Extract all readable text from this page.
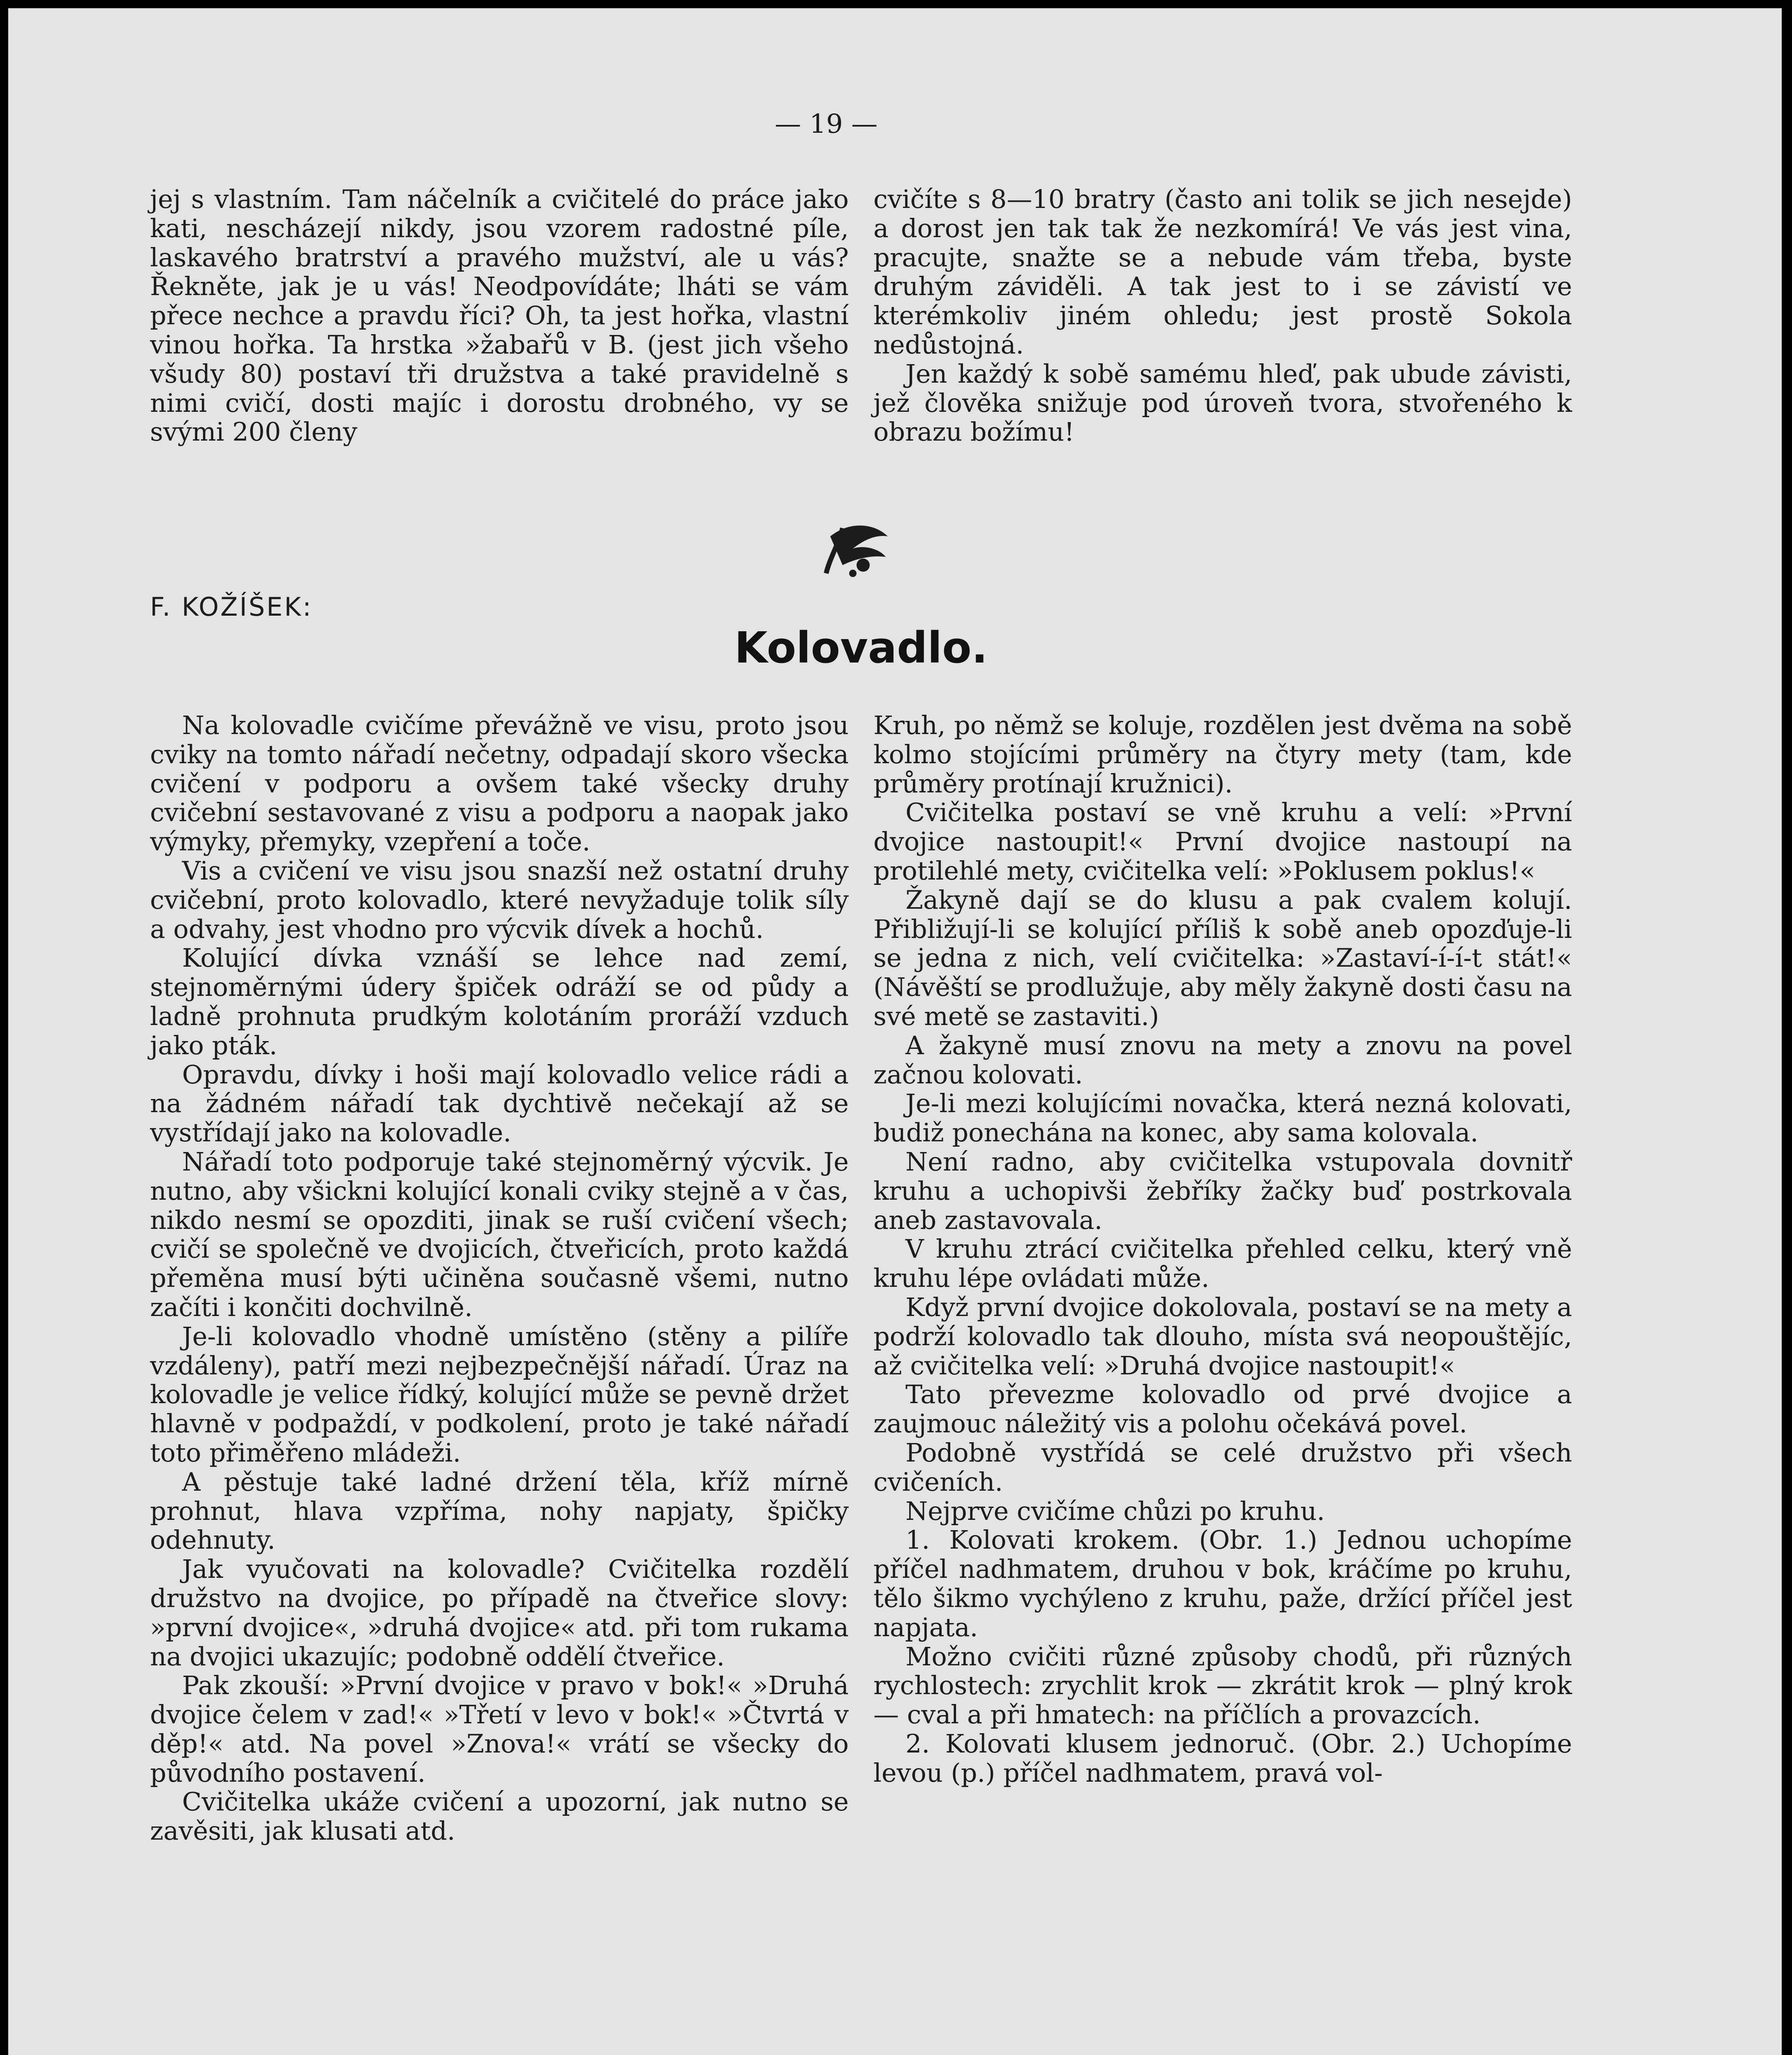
— 19 —

jej s vlastním. Tam náčelník a cvičitelé do práce jako kati, nescházejí nikdy, jsou vzorem radostné píle, laskavého bratrství a pravého mužství, ale u vás? Řekněte, jak je u vás! Neodpovídáte; lháti se vám přece nechce a pravdu říci? Oh, ta jest hořka, vlastní vinou hořka. Ta hrstka »žabařů v B. (jest jich všeho všudy 80) postaví tři družstva a také pravidelně s nimi cvičí, dosti majíc i dorostu drobného, vy se svými 200 členy

cvičíte s 8—10 bratry (často ani tolik se jich nesejde) a dorost jen tak tak že nezkomírá! Ve vás jest vina, pracujte, snažte se a nebude vám třeba, byste druhým záviděli. A tak jest to i se závistí ve kterémkoliv jiném ohledu; jest prostě Sokola nedůstojná.

Jen každý k sobě samému hleď, pak ubude závisti, jež člověka snižuje pod úroveň tvora, stvořeného k obrazu božímu!

F. KOŽÍŠEK:
Kolovadlo.

Na kolovadle cvičíme převážně ve visu, proto jsou cviky na tomto nářadí nečetny, odpadají skoro všecka cvičení v podporu a ovšem také všecky druhy cvičební sestavované z visu a podporu a naopak jako výmyky, přemyky, vzepření a toče.

Vis a cvičení ve visu jsou snazší než ostatní druhy cvičební, proto kolovadlo, které nevyžaduje tolik síly a odvahy, jest vhodno pro výcvik dívek a hochů.

Kolující dívka vznáší se lehce nad zemí, stejnoměrnými údery špiček odráží se od půdy a ladně prohnuta prudkým kolotáním proráží vzduch jako pták.

Opravdu, dívky i hoši mají kolovadlo velice rádi a na žádném nářadí tak dychtivě nečekají až se vystřídají jako na kolovadle.

Nářadí toto podporuje také stejnoměrný výcvik. Je nutno, aby všickni kolující konali cviky stejně a v čas, nikdo nesmí se opozditi, jinak se ruší cvičení všech; cvičí se společně ve dvojicích, čtveřicích, proto každá přeměna musí býti učiněna současně všemi, nutno začíti i končiti dochvilně.

Je-li kolovadlo vhodně umístěno (stěny a pilíře vzdáleny), patří mezi nejbezpečnější nářadí. Úraz na kolovadle je velice řídký, kolující může se pevně držet hlavně v podpaždí, v podkolení, proto je také nářadí toto přiměřeno mládeži.

A pěstuje také ladné držení těla, kříž mírně prohnut, hlava vzpříma, nohy napjaty, špičky odehnuty.

Jak vyučovati na kolovadle? Cvičitelka rozdělí družstvo na dvojice, po případě na čtveřice slovy: »první dvojice«, »druhá dvojice« atd. při tom rukama na dvojici ukazujíc; podobně oddělí čtveřice.

Pak zkouší: »První dvojice v pravo v bok!« »Druhá dvojice čelem v zad!« »Třetí v levo v bok!« »Čtvrtá v děp!« atd. Na povel »Znova!« vrátí se všecky do původního postavení.

Cvičitelka ukáže cvičení a upozorní, jak nutno se zavěsiti, jak klusati atd.

Kruh, po němž se koluje, rozdělen jest dvěma na sobě kolmo stojícími průměry na čtyry mety (tam, kde průměry protínají kružnici).

Cvičitelka postaví se vně kruhu a velí: »První dvojice nastoupit!« První dvojice nastoupí na protilehlé mety, cvičitelka velí: »Poklusem poklus!«

Žakyně dají se do klusu a pak cvalem kolují. Přibližují-li se kolující příliš k sobě aneb opozďuje-li se jedna z nich, velí cvičitelka: »Zastaví-í-í-t stát!« (Návěští se prodlužuje, aby měly žakyně dosti času na své metě se zastaviti.)

A žakyně musí znovu na mety a znovu na povel začnou kolovati.

Je-li mezi kolujícími novačka, která nezná kolovati, budiž ponechána na konec, aby sama kolovala.

Není radno, aby cvičitelka vstupovala dovnitř kruhu a uchopivši žebříky žačky buď postrkovala aneb zastavovala.

V kruhu ztrácí cvičitelka přehled celku, který vně kruhu lépe ovládati může.

Když první dvojice dokolovala, postaví se na mety a podrží kolovadlo tak dlouho, místa svá neopouštějíc, až cvičitelka velí: »Druhá dvojice nastoupit!«

Tato převezme kolovadlo od prvé dvojice a zaujmouc náležitý vis a polohu očekává povel.

Podobně vystřídá se celé družstvo při všech cvičeních.

Nejprve cvičíme chůzi po kruhu.

1. Kolovati krokem. (Obr. 1.) Jednou uchopíme příčel nadhmatem, druhou v bok, kráčíme po kruhu, tělo šikmo vychýleno z kruhu, paže, držící příčel jest napjata.

Možno cvičiti různé způsoby chodů, při různých rychlostech: zrychlit krok — zkrátit krok — plný krok — cval a při hmatech: na příčlích a provazcích.

2. Kolovati klusem jednoruč. (Obr. 2.) Uchopíme levou (p.) příčel nadhmatem, pravá vol-
